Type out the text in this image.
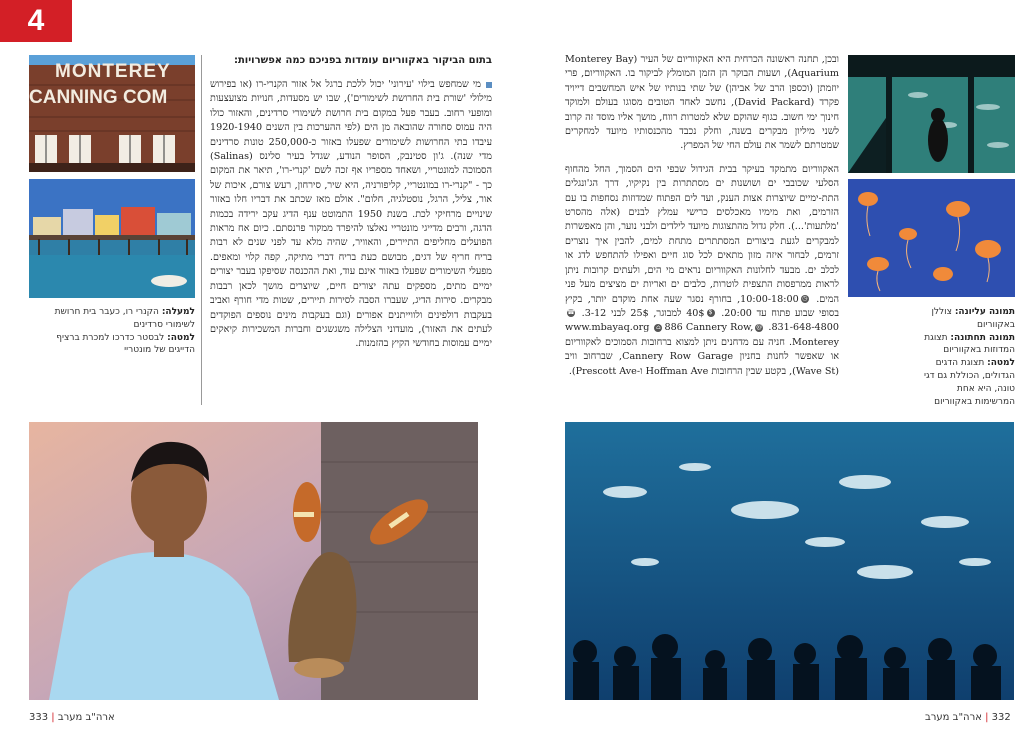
4
MONTEREY
CANNING COM
למעלה: הקנרי רו, כעבר בית חרושת לשימורי סרדינים
למטה: לבסטר כדרכו למכרת ברציף הדייגים של מונטריי
בתום הביקור באקווריום עומדות בפניכם כמה אפשרויות:

מי שמחפש בילוי 'עירוני' יכול ללכת ברגל אל אזור הקנרי-רו (או בפירוש מילולי 'שורת בית החרושת לשימורים'), שבו יש מסעדות, חנויות מצועצעות ומופעי רחוב. בעבר פעל במקום בית חרושת לשימורי סרדינים, והאזור כולו היה עמוס סחורה שהובאה מן הים (לפי ההערכות בין השנים 1920-1940 עיבדו בתי החרושות לשימורים שפעלו באזור כ-250,000 טונות סרדינים מדי שנה). ג'ון סטינבק, הסופר הנודע, שגדל בעיר סלינס (Salinas) הסמוכה למונטריי, ושאחד מספריו אף זכה לשם 'קנרי-רו', תיאר את המקום כך - "קנרי-רו במונטריי, קליפורניה, היא שיר, סירחון, רעש צורם, איכות של אור, צליל, הרגל, נוסטלגיה, חלום". אולם מאז שכתב את דבריו חלו באזור שינויים מרחיקי לכת. בשנת 1950 התמוטט ענף הדיג עקב ירידה בכמות הדגה, ורבים מדייגי מונטריי נאלצו להיפרד ממקור פרנסתם. כיום אח מראות הפועלים מחליפים התיירים, והאוויר, שהיה מלא עד לפני שנים לא רבות בריח חריף של דגים, מבושם כעת בריח דברי מתיקה, קפה קלוי ומאפים. מפעלי השימורים שפעלו באזור אינם עוד, ואת ההכנסה שסיפקו בעבר יצורים ימיים מתים, מספקים עתה יצורים חיים, שיוצרים מושך לכאן רבבות מבקרים. סירות הדיג, שעברו הסבה לסירות תיירים, שטות מדי חורף ואביב בעקבות דולפינים ולווייתנים אפורים (וגם בעקבות מינים נוספים הפוקדים לעתים את האזור), מועדוני הצלילה משגשגים וחברות המשכירות קיאקים ימיים עמוסות בחודשי הקיץ בהזמנות.

ארה"ב מערב | 333

ובכן, תחנה ראשונה הכרחית היא האקווריום של העיר (Monterey Bay Aquarium), ושעות הבוקר הן הזמן המומלץ לביקור בו. האקווריום, פרי יוזמתן (וכספן הרב של אביהן) של שתי בנותיו של איש המחשבים דייויד פקרד (David Packard), נחשב לאחד הטובים מסוגו בעולם ולמוקד חינוך ימי חשוב. כגוף שהוקם שלא למטרות רווח, מושך אליו מוסד זה קרוב לשני מיליון מבקרים בשנה, וחלק נכבד מהכנסותיו מיועד למחקרים שמטרתם לשמר את עולם החי של המפרץ.

האקווריום מתמקד בעיקר בבית הגידול שבפי הים הסמוך, החל מהחוף הסלעי שכובבי ים ושושנות ים מסתתרות בין נקיקיו, דרך הג'ונגלים התת-ימיים שיוצרות אצות הענק, ועד לים הפתוח שמדוזות נסחפות בו עם הזרמים, ואת מימיו מאכלסים כרישי עמלץ לבנים (אלה מהסרט 'מלתעות'...). חלק גדול מהתצוגות מיועד לילדים ולבני נוער, והן מאפשרות למבקרים לגעת ביצורים המסתתרים מתחת למים, להבין איך נוצרים זרמים, לבחור איזה מזון מתאים לכל סוג חיים ואפילו להתחפש לדג או לכלב ים. מבעד לחלונות האקווריום נראים מי הים, ולעתים קרובות ניתן לראות ממרפסות התצפית לוטרות, כלבים ים ואריות ים מציצים מעל פני המים. ◷10:00-18:00, בחורף נסגר שעה אחת מוקדם יותר, בקיץ בסופי שבוע פתוח עד 20:00. $40$ למבוגר, 25$ לבני 3-12. ☎831-648-4800. @www.mbayaq.org ⌂ 886 Cannery Row, Monterey. חניה עם מדחנים ניתן למצוא ברחובות הסמוכים לאקווריום או שאפשר לחנות בחניון Cannery Row Garage, שברחוב וויב (Wave St), בקטע שבין הרחובות Hoffman Ave ו-Prescott Ave).

תמונה עליונה: צוללן באקווריום
תמונה תחתונה: תצוגת המדוזות באקווריום
למטה: תצוגת הדגים הגדולים, הכוללת גם דגי טונה, היא אחת המרשימות באקווריום
332 | ארה"ב מערב
